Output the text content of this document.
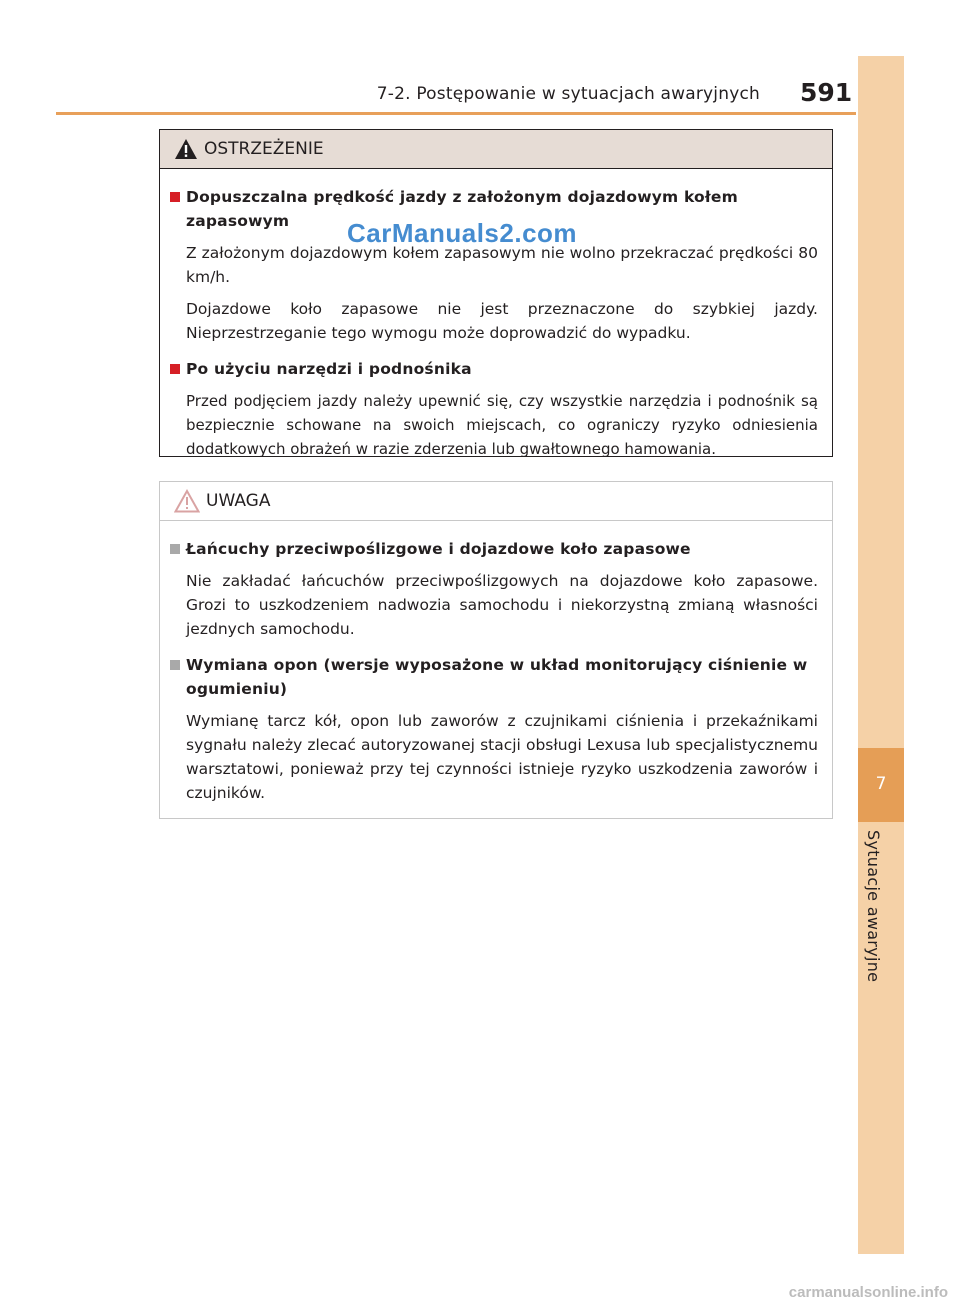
7-2. Postępowanie w sytuacjach awaryjnych 591
7
Sytuacje awaryjne
OSTRZEŻENIE
Dopuszczalna prędkość jazdy z założonym dojazdowym kołem zapasowym

Z założonym dojazdowym kołem zapasowym nie wolno przekraczać prędkości 80 km/h.

Dojazdowe koło zapasowe nie jest przeznaczone do szybkiej jazdy. Nieprzestrzeganie tego wymogu może doprowadzić do wypadku.

Po użyciu narzędzi i podnośnika

Przed podjęciem jazdy należy upewnić się, czy wszystkie narzędzia i podnośnik są bezpiecznie schowane na swoich miejscach, co ograniczy ryzyko odniesienia dodatkowych obrażeń w razie zderzenia lub gwałtownego hamowania.

UWAGA
Łańcuchy przeciwpoślizgowe i dojazdowe koło zapasowe

Nie zakładać łańcuchów przeciwpoślizgowych na dojazdowe koło zapasowe. Grozi to uszkodzeniem nadwozia samochodu i niekorzystną zmianą własności jezdnych samochodu.

Wymiana opon (wersje wyposażone w układ monitorujący ciśnienie w ogumieniu)

Wymianę tarcz kół, opon lub zaworów z czujnikami ciśnienia i przekaźnikami sygnału należy zlecać autoryzowanej stacji obsługi Lexusa lub specjalistycznemu warsztatowi, ponieważ przy tej czynności istnieje ryzyko uszkodzenia zaworów i czujników.

CarManuals2.com
carmanualsonline.info
